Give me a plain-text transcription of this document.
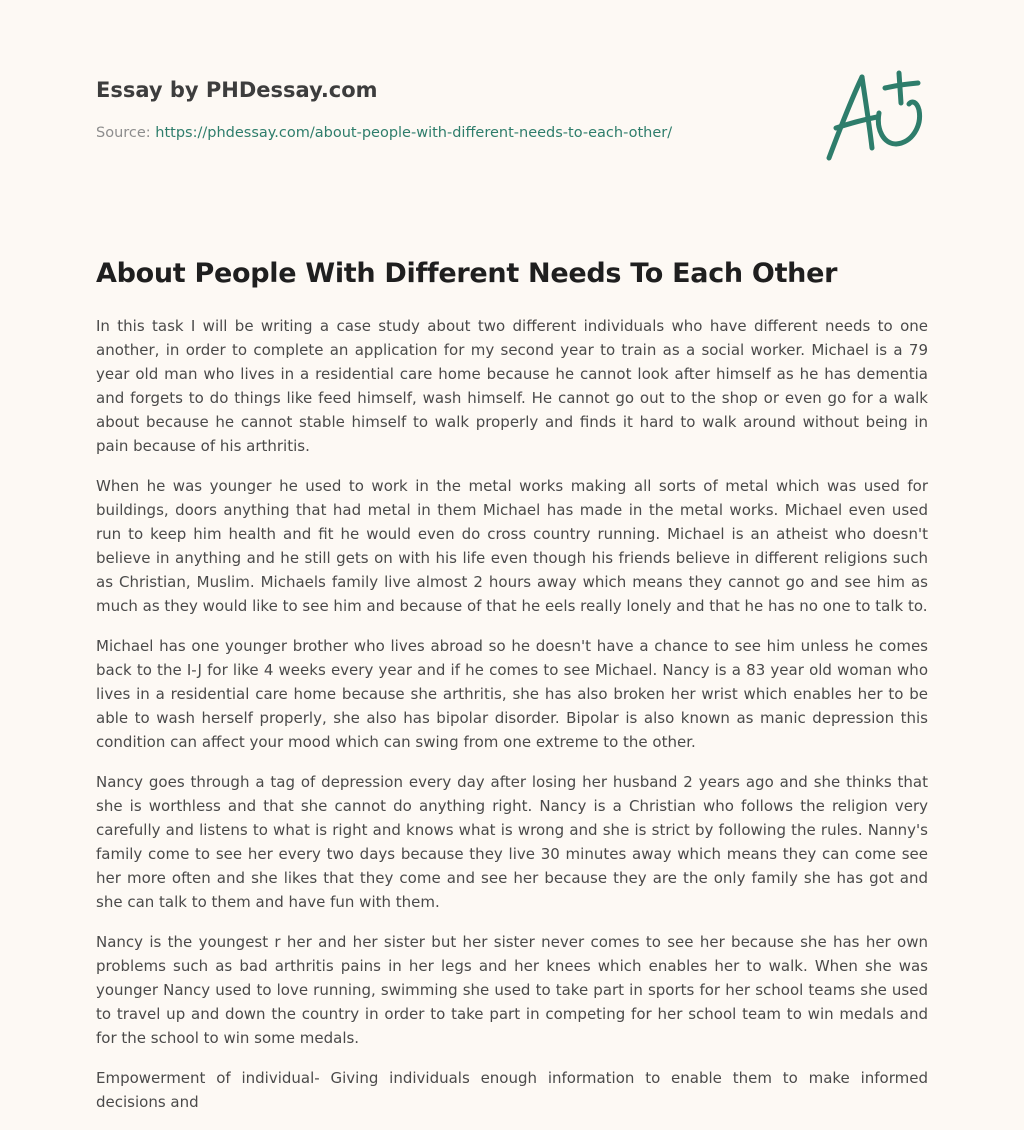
Essay by PHDessay.com
Source: https://phdessay.com/about-people-with-different-needs-to-each-other/
About People With Different Needs To Each Other

In this task I will be writing a case study about two different individuals who have different needs to one another, in order to complete an application for my second year to train as a social worker. Michael is a 79 year old man who lives in a residential care home because he cannot look after himself as he has dementia and forgets to do things like feed himself, wash himself. He cannot go out to the shop or even go for a walk about because he cannot stable himself to walk properly and finds it hard to walk around without being in pain because of his arthritis.

When he was younger he used to work in the metal works making all sorts of metal which was used for buildings, doors anything that had metal in them Michael has made in the metal works. Michael even used run to keep him health and fit he would even do cross country running. Michael is an atheist who doesn't believe in anything and he still gets on with his life even though his friends believe in different religions such as Christian, Muslim. Michaels family live almost 2 hours away which means they cannot go and see him as much as they would like to see him and because of that he eels really lonely and that he has no one to talk to.

Michael has one younger brother who lives abroad so he doesn't have a chance to see him unless he comes back to the I-J for like 4 weeks every year and if he comes to see Michael. Nancy is a 83 year old woman who lives in a residential care home because she arthritis, she has also broken her wrist which enables her to be able to wash herself properly, she also has bipolar disorder. Bipolar is also known as manic depression this condition can affect your mood which can swing from one extreme to the other.

Nancy goes through a tag of depression every day after losing her husband 2 years ago and she thinks that she is worthless and that she cannot do anything right. Nancy is a Christian who follows the religion very carefully and listens to what is right and knows what is wrong and she is strict by following the rules. Nanny's family come to see her every two days because they live 30 minutes away which means they can come see her more often and she likes that they come and see her because they are the only family she has got and she can talk to them and have fun with them.

Nancy is the youngest r her and her sister but her sister never comes to see her because she has her own problems such as bad arthritis pains in her legs and her knees which enables her to walk. When she was younger Nancy used to love running, swimming she used to take part in sports for her school teams she used to travel up and down the country in order to take part in competing for her school team to win medals and for the school to win some medals.

Empowerment of individual- Giving individuals enough information to enable them to make informed decisions and
